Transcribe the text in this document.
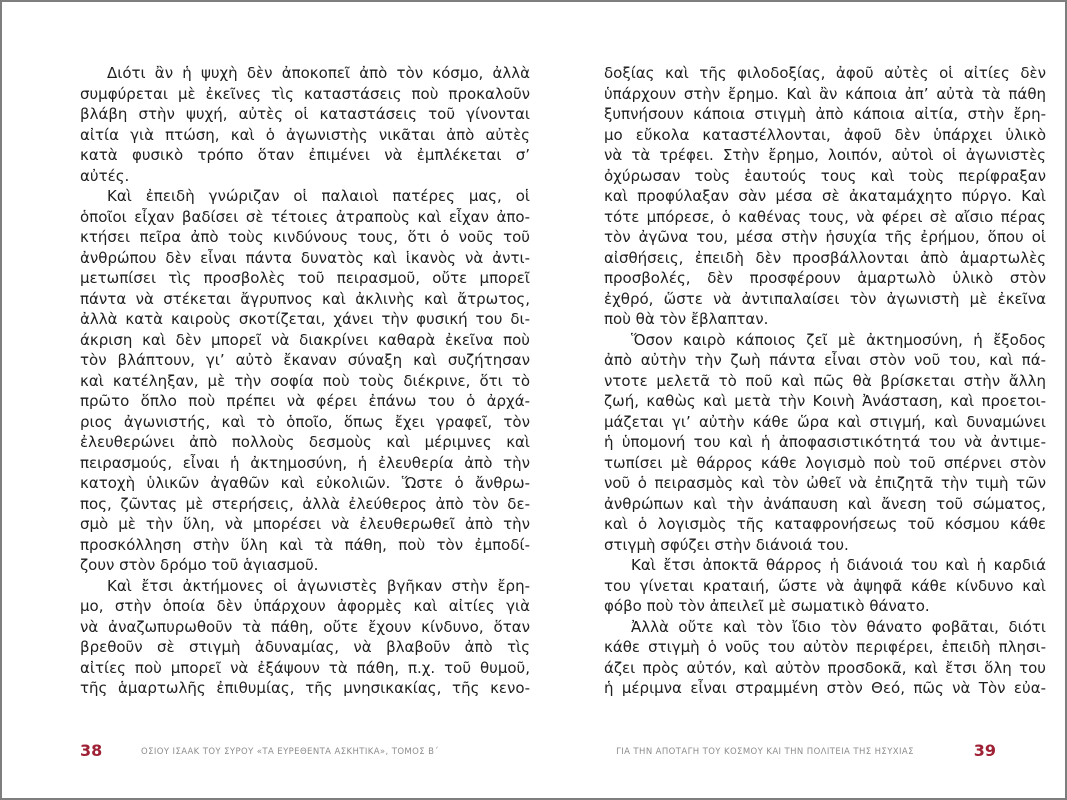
Διότι ἂν ἡ ψυχὴ δὲν ἀποκοπεῖ ἀπὸ τὸν κόσμο, ἀλλὰ
συμφύρεται μὲ ἐκεῖνες τὶς καταστάσεις ποὺ προκαλοῦν
βλάβη στὴν ψυχή, αὐτὲς οἱ καταστάσεις τοῦ γίνονται
αἰτία γιὰ πτώση, καὶ ὁ ἀγωνιστὴς νικᾶται ἀπὸ αὐτὲς
κατὰ φυσικὸ τρόπο ὅταν ἐπιμένει νὰ ἐμπλέκεται σ’
αὐτές.
Καὶ ἐπειδὴ γνώριζαν οἱ παλαιοὶ πατέρες μας, οἱ
ὁποῖοι εἶχαν βαδίσει σὲ τέτοιες ἀτραποὺς καὶ εἶχαν ἀπο-
κτήσει πεῖρα ἀπὸ τοὺς κινδύνους τους, ὅτι ὁ νοῦς τοῦ
ἀνθρώπου δὲν εἶναι πάντα δυνατὸς καὶ ἱκανὸς νὰ ἀντι-
μετωπίσει τὶς προσβολὲς τοῦ πειρασμοῦ, οὔτε μπορεῖ
πάντα νὰ στέκεται ἄγρυπνος καὶ ἀκλινὴς καὶ ἄτρωτος,
ἀλλὰ κατὰ καιροὺς σκοτίζεται, χάνει τὴν φυσική του δι-
άκριση καὶ δὲν μπορεῖ νὰ διακρίνει καθαρὰ ἐκεῖνα ποὺ
τὸν βλάπτουν, γι’ αὐτὸ ἔκαναν σύναξη καὶ συζήτησαν
καὶ κατέληξαν, μὲ τὴν σοφία ποὺ τοὺς διέκρινε, ὅτι τὸ
πρῶτο ὅπλο ποὺ πρέπει νὰ φέρει ἐπάνω του ὁ ἀρχά-
ριος ἀγωνιστής, καὶ τὸ ὁποῖο, ὅπως ἔχει γραφεῖ, τὸν
ἐλευθερώνει ἀπὸ πολλοὺς δεσμοὺς καὶ μέριμνες καὶ
πειρασμούς, εἶναι ἡ ἀκτημοσύνη, ἡ ἐλευθερία ἀπὸ τὴν
κατοχὴ ὑλικῶν ἀγαθῶν καὶ εὐκολιῶν. Ὥστε ὁ ἄνθρω-
πος, ζῶντας μὲ στερήσεις, ἀλλὰ ἐλεύθερος ἀπὸ τὸν δε-
σμὸ μὲ τὴν ὕλη, νὰ μπορέσει νὰ ἐλευθερωθεῖ ἀπὸ τὴν
προσκόλληση στὴν ὕλη καὶ τὰ πάθη, ποὺ τὸν ἐμποδί-
ζουν στὸν δρόμο τοῦ ἁγιασμοῦ.
Καὶ ἔτσι ἀκτήμονες οἱ ἀγωνιστὲς βγῆκαν στὴν ἔρη-
μο, στὴν ὁποία δὲν ὑπάρχουν ἀφορμὲς καὶ αἰτίες γιὰ
νὰ ἀναζωπυρωθοῦν τὰ πάθη, οὔτε ἔχουν κίνδυνο, ὅταν
βρεθοῦν σὲ στιγμὴ ἀδυναμίας, νὰ βλαβοῦν ἀπὸ τὶς
αἰτίες ποὺ μπορεῖ νὰ ἐξάψουν τὰ πάθη, π.χ. τοῦ θυμοῦ,
τῆς ἁμαρτωλῆς ἐπιθυμίας, τῆς μνησικακίας, τῆς κενο-
δοξίας καὶ τῆς φιλοδοξίας, ἀφοῦ αὐτὲς οἱ αἰτίες δὲν
ὑπάρχουν στὴν ἔρημο. Καὶ ἂν κάποια ἀπ’ αὐτὰ τὰ πάθη
ξυπνήσουν κάποια στιγμὴ ἀπὸ κάποια αἰτία, στὴν ἔρη-
μο εὔκολα καταστέλλονται, ἀφοῦ δὲν ὑπάρχει ὑλικὸ
νὰ τὰ τρέφει. Στὴν ἔρημο, λοιπόν, αὐτοὶ οἱ ἀγωνιστὲς
ὀχύρωσαν τοὺς ἑαυτούς τους καὶ τοὺς περίφραξαν
καὶ προφύλαξαν σὰν μέσα σὲ ἀκαταμάχητο πύργο. Καὶ
τότε μπόρεσε, ὁ καθένας τους, νὰ φέρει σὲ αἴσιο πέρας
τὸν ἀγῶνα του, μέσα στὴν ἡσυχία τῆς ἐρήμου, ὅπου οἱ
αἰσθήσεις, ἐπειδὴ δὲν προσβάλλονται ἀπὸ ἁμαρτωλὲς
προσβολές, δὲν προσφέρουν ἁμαρτωλὸ ὑλικὸ στὸν
ἐχθρό, ὥστε νὰ ἀντιπαλαίσει τὸν ἀγωνιστὴ μὲ ἐκεῖνα
ποὺ θὰ τὸν ἔβλαπταν.
Ὅσον καιρὸ κάποιος ζεῖ μὲ ἀκτημοσύνη, ἡ ἔξοδος
ἀπὸ αὐτὴν τὴν ζωὴ πάντα εἶναι στὸν νοῦ του, καὶ πά-
ντοτε μελετᾶ τὸ ποῦ καὶ πῶς θὰ βρίσκεται στὴν ἄλλη
ζωή, καθὼς καὶ μετὰ τὴν Κοινὴ Ἀνάσταση, καὶ προετοι-
μάζεται γι’ αὐτὴν κάθε ὥρα καὶ στιγμή, καὶ δυναμώνει
ἡ ὑπομονή του καὶ ἡ ἀποφασιστικότητά του νὰ ἀντιμε-
τωπίσει μὲ θάρρος κάθε λογισμὸ ποὺ τοῦ σπέρνει στὸν
νοῦ ὁ πειρασμὸς καὶ τὸν ὠθεῖ νὰ ἐπιζητᾶ τὴν τιμὴ τῶν
ἀνθρώπων καὶ τὴν ἀνάπαυση καὶ ἄνεση τοῦ σώματος,
καὶ ὁ λογισμὸς τῆς καταφρονήσεως τοῦ κόσμου κάθε
στιγμὴ σφύζει στὴν διάνοιά του.
Καὶ ἔτσι ἀποκτᾶ θάρρος ἡ διάνοιά του καὶ ἡ καρδιά
του γίνεται κραταιή, ὥστε νὰ ἀψηφᾶ κάθε κίνδυνο καὶ
φόβο ποὺ τὸν ἀπειλεῖ μὲ σωματικὸ θάνατο.
Ἀλλὰ οὔτε καὶ τὸν ἴδιο τὸν θάνατο φοβᾶται, διότι
κάθε στιγμὴ ὁ νοῦς του αὐτὸν περιφέρει, ἐπειδὴ πλησι-
άζει πρὸς αὐτόν, καὶ αὐτὸν προσδοκᾶ, καὶ ἔτσι ὅλη του
ἡ μέριμνα εἶναι στραμμένη στὸν Θεό, πῶς νὰ Τὸν εὐα-
38	ΟΣΙΟΥ ΙΣΑΑΚ ΤΟΥ ΣΥΡΟΥ «ΤΑ ΕΥΡΕΘΕΝΤΑ ΑΣΚΗΤΙΚΑ», ΤΟΜΟΣ Β´	ΓΙΑ ΤΗΝ ΑΠΟΤΑΓΗ ΤΟΥ ΚΟΣΜΟΥ ΚΑΙ ΤΗΝ ΠΟΛΙΤΕΙΑ ΤΗΣ ΗΣΥΧΙΑΣ	39
